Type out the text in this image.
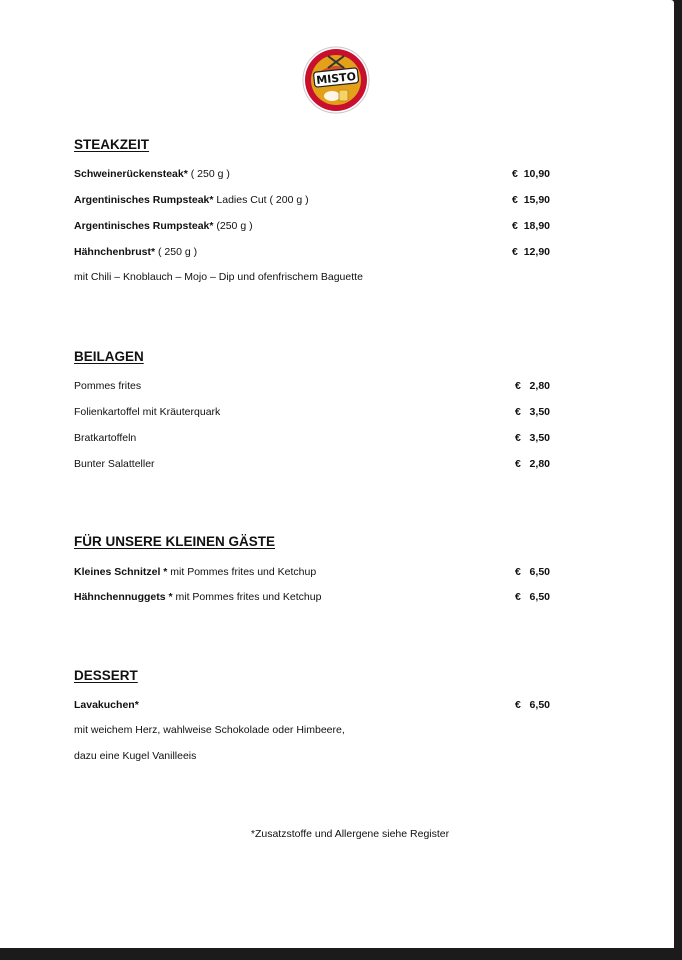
MISTO
STEAKZEIT
Schweinerückensteak* ( 250 g )	€  10,90
Argentinisches Rumpsteak* Ladies Cut ( 200 g )	€  15,90
Argentinisches Rumpsteak* (250 g )	€  18,90
Hähnchenbrust* ( 250 g )	€  12,90
mit Chili – Knoblauch – Mojo – Dip und ofenfrischem Baguette
BEILAGEN
Pommes frites	€   2,80
Folienkartoffel mit Kräuterquark	€   3,50
Bratkartoffeln	€   3,50
Bunter Salatteller	€   2,80
FÜR UNSERE KLEINEN GÄSTE
Kleines Schnitzel * mit Pommes frites und Ketchup	€   6,50
Hähnchennuggets * mit Pommes frites und Ketchup	€   6,50
DESSERT
Lavakuchen*	€   6,50
mit weichem Herz, wahlweise Schokolade oder Himbeere,
dazu eine Kugel Vanilleeis
*Zusatzstoffe und Allergene siehe Register
